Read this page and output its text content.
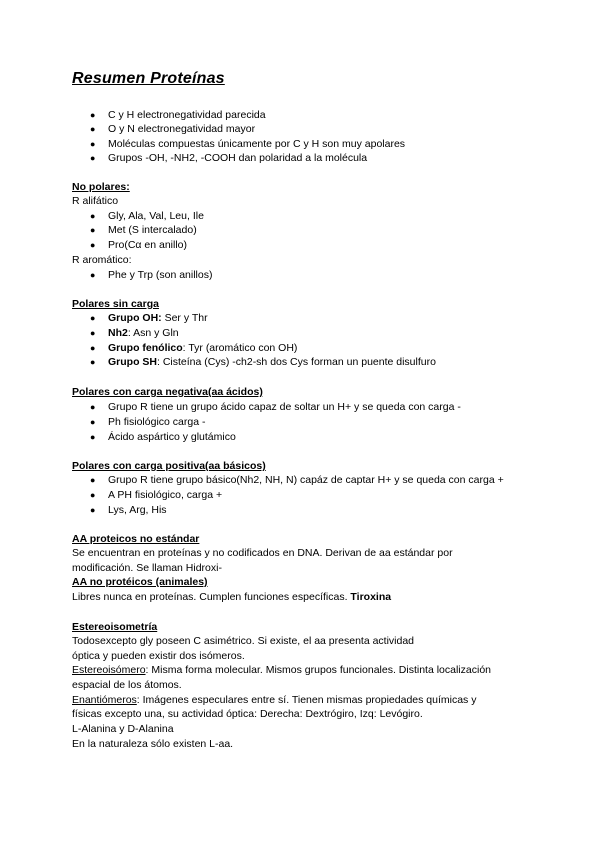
Resumen Proteínas
● C y H electronegatividad parecida
● O y N electronegatividad mayor
● Moléculas compuestas únicamente por C y H son muy apolares
● Grupos -OH, -NH2, -COOH dan polaridad a la molécula
No polares:
R alifático
● Gly, Ala, Val, Leu, Ile
● Met (S intercalado)
● Pro(Cα en anillo)
R aromático:
● Phe y Trp (son anillos)
Polares sin carga
● Grupo OH: Ser y Thr
● Nh2: Asn y Gln
● Grupo fenólico: Tyr (aromático con OH)
● Grupo SH: Cisteína (Cys) -ch2-sh dos Cys forman un puente disulfuro
Polares con carga negativa(aa ácidos)
● Grupo R tiene un grupo ácido capaz de soltar un H+ y se queda con carga -
● Ph fisiológico carga -
● Ácido aspártico y glutámico
Polares con carga positiva(aa básicos)
● Grupo R tiene grupo básico(Nh2, NH, N) capáz de captar H+ y se queda con carga +
● A PH fisiológico, carga +
● Lys, Arg, His
AA proteicos no estándar
Se encuentran en proteínas y no codificados en DNA. Derivan de aa estándar por
modificación. Se llaman Hidroxi-
AA no protéicos (animales)
Libres nunca en proteínas. Cumplen funciones específicas. Tiroxina
Estereoisometría
Todosexcepto gly poseen C asimétrico. Si existe, el aa presenta actividad
óptica y pueden existir dos isómeros.
Estereoisómero: Misma forma molecular. Mismos grupos funcionales. Distinta localización
espacial de los átomos.
Enantiómeros: Imágenes especulares entre sí. Tienen mismas propiedades químicas y
físicas excepto una, su actividad óptica: Derecha: Dextrógiro, Izq: Levógiro.
L-Alanina y D-Alanina
En la naturaleza sólo existen L-aa.
